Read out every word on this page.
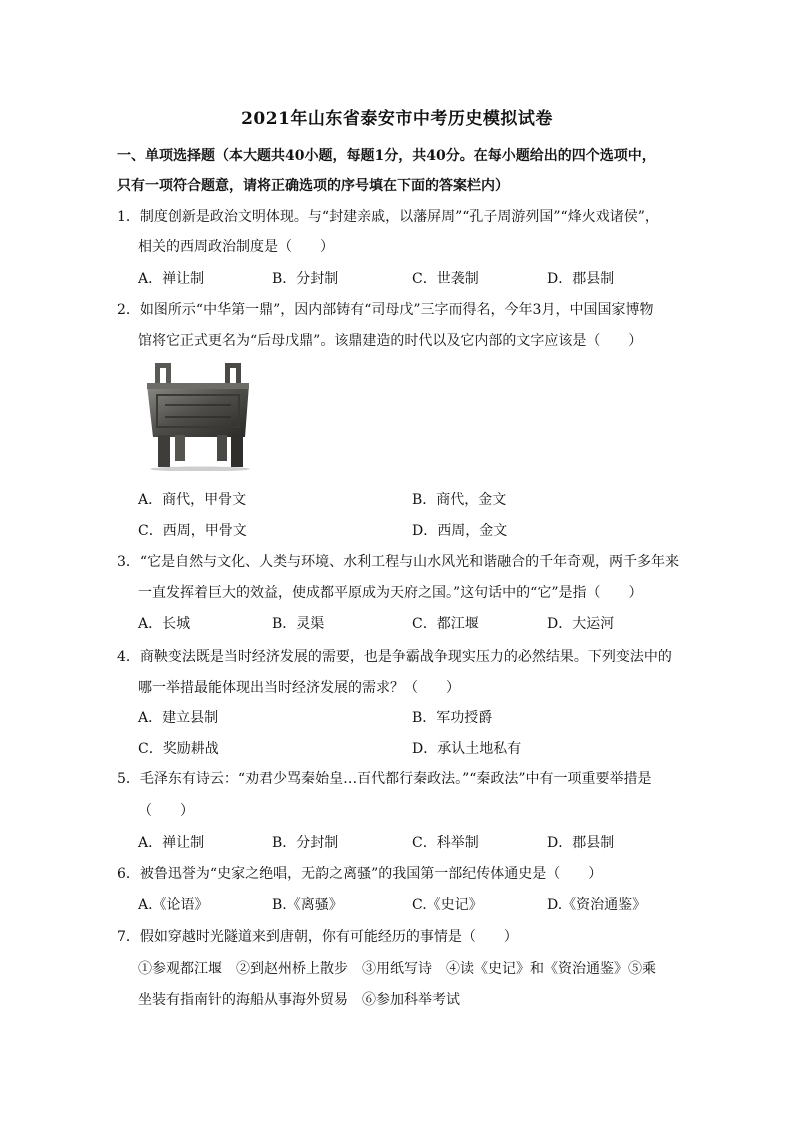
2021年山东省泰安市中考历史模拟试卷
一、单项选择题（本大题共40小题，每题1分，共40分。在每小题给出的四个选项中，
只有一项符合题意，请将正确选项的序号填在下面的答案栏内）
1．制度创新是政治文明体现。与“封建亲戚，以藩屏周”“孔子周游列国”“烽火戏诸侯”，
相关的西周政治制度是（　　）
A．禅让制	B．分封制	C．世袭制	D．郡县制
2．如图所示“中华第一鼎”，因内部铸有“司母戊”三字而得名，今年3月，中国国家博物
馆将它正式更名为“后母戊鼎”。该鼎建造的时代以及它内部的文字应该是（　　）
A．商代，甲骨文	B．商代，金文
C．西周，甲骨文	D．西周，金文
3．“它是自然与文化、人类与环境、水利工程与山水风光和谐融合的千年奇观，两千多年来
一直发挥着巨大的效益，使成都平原成为天府之国。”这句话中的“它”是指（　　）
A．长城	B．灵渠	C．都江堰	D．大运河
4．商鞅变法既是当时经济发展的需要，也是争霸战争现实压力的必然结果。下列变法中的
哪一举措最能体现出当时经济发展的需求？（　　）
A．建立县制	B．军功授爵
C．奖励耕战	D．承认土地私有
5．毛泽东有诗云：“劝君少骂秦始皇…百代都行秦政法。”“秦政法”中有一项重要举措是
（　　）
A．禅让制	B．分封制	C．科举制	D．郡县制
6．被鲁迅誉为“史家之绝唱，无韵之离骚”的我国第一部纪传体通史是（　　）
A.《论语》	B.《离骚》	C.《史记》	D.《资治通鉴》
7．假如穿越时光隧道来到唐朝，你有可能经历的事情是（　　）
①参观都江堰　②到赵州桥上散步　③用纸写诗　④读《史记》和《资治通鉴》⑤乘
坐装有指南针的海船从事海外贸易　⑥参加科举考试
